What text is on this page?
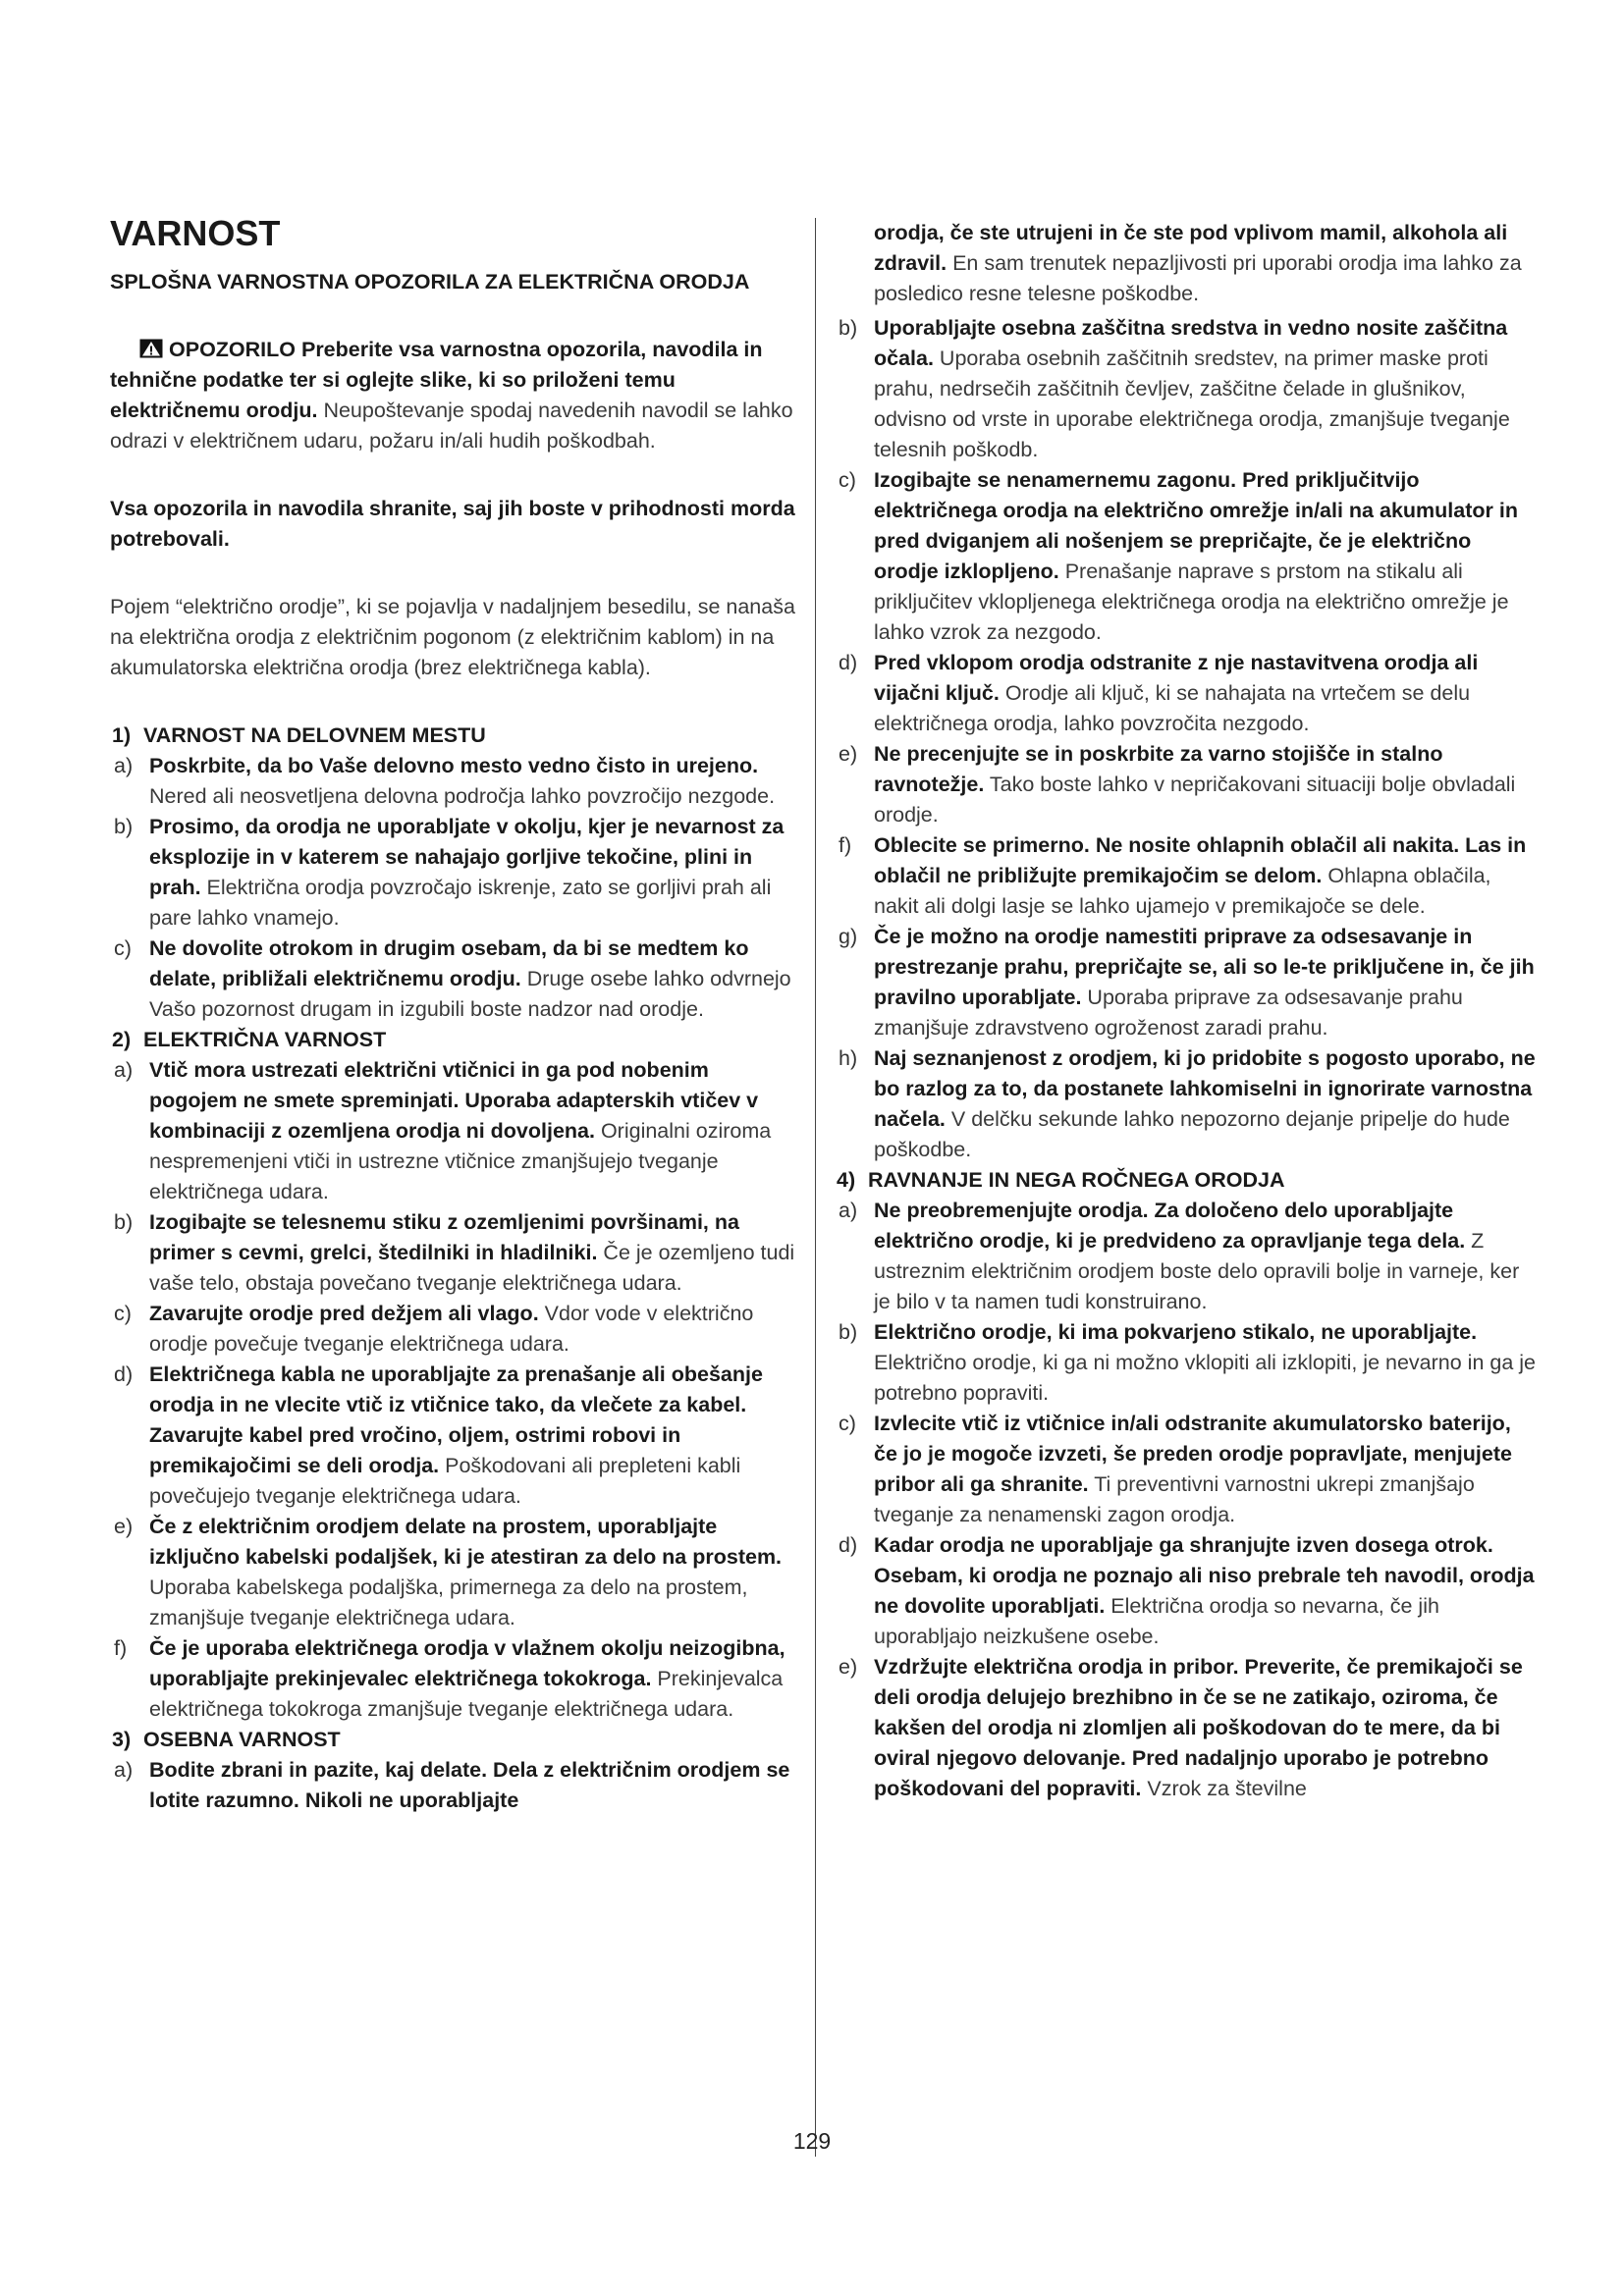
VARNOST
SPLOŠNA VARNOSTNA OPOZORILA ZA ELEKTRIČNA ORODJA
OPOZORILO Preberite vsa varnostna opozorila, navodila in tehnične podatke ter si oglejte slike, ki so priloženi temu električnemu orodju. Neupoštevanje spodaj navedenih navodil se lahko odrazi v električnem udaru, požaru in/ali hudih poškodbah.
Vsa opozorila in navodila shranite, saj jih boste v prihodnosti morda potrebovali.
Pojem “električno orodje”, ki se pojavlja v nadaljnjem besedilu, se nanaša na električna orodja z električnim pogonom (z električnim kablom) in na akumulatorska električna orodja (brez električnega kabla).
1) VARNOST NA DELOVNEM MESTU
a) Poskrbite, da bo Vaše delovno mesto vedno čisto in urejeno. Nered ali neosvetljena delovna področja lahko povzročijo nezgode.
b) Prosimo, da orodja ne uporabljate v okolju, kjer je nevarnost za eksplozije in v katerem se nahajajo gorljive tekočine, plini in prah. Električna orodja povzročajo iskrenje, zato se gorljivi prah ali pare lahko vnamejo.
c) Ne dovolite otrokom in drugim osebam, da bi se medtem ko delate, približali električnemu orodju. Druge osebe lahko odvrnejo Vašo pozornost drugam in izgubili boste nadzor nad orodje.
2) ELEKTRIČNA VARNOST
a) Vtič mora ustrezati električni vtičnici in ga pod nobenim pogojem ne smete spreminjati. Uporaba adapterskih vtičev v kombinaciji z ozemljena orodja ni dovoljena. Originalni oziroma nespremenjeni vtiči in ustrezne vtičnice zmanjšujejo tveganje električnega udara.
b) Izogibajte se telesnemu stiku z ozemljenimi površinami, na primer s cevmi, grelci, štedilniki in hladilniki. Če je ozemljeno tudi vaše telo, obstaja povečano tveganje električnega udara.
c) Zavarujte orodje pred dežjem ali vlago. Vdor vode v električno orodje povečuje tveganje električnega udara.
d) Električnega kabla ne uporabljajte za prenašanje ali obešanje orodja in ne vlecite vtič iz vtičnice tako, da vlečete za kabel. Zavarujte kabel pred vročino, oljem, ostrimi robovi in premikajočimi se deli orodja. Poškodovani ali prepleteni kabli povečujejo tveganje električnega udara.
e) Če z električnim orodjem delate na prostem, uporabljajte izključno kabelski podaljšek, ki je atestiran za delo na prostem. Uporaba kabelskega podaljška, primernega za delo na prostem, zmanjšuje tveganje električnega udara.
f) Če je uporaba električnega orodja v vlažnem okolju neizogibna, uporabljajte prekinjevalec električnega tokokroga. Prekinjevalca električnega tokokroga zmanjšuje tveganje električnega udara.
3) OSEBNA VARNOST
a) Bodite zbrani in pazite, kaj delate. Dela z električnim orodjem se lotite razumno. Nikoli ne uporabljajte
orodja, če ste utrujeni in če ste pod vplivom mamil, alkohola ali zdravil. En sam trenutek nepazljivosti pri uporabi orodja ima lahko za posledico resne telesne poškodbe.
b) Uporabljajte osebna zaščitna sredstva in vedno nosite zaščitna očala. Uporaba osebnih zaščitnih sredstev, na primer maske proti prahu, nedrsečih zaščitnih čevljev, zaščitne čelade in glušnikov, odvisno od vrste in uporabe električnega orodja, zmanjšuje tveganje telesnih poškodb.
c) Izogibajte se nenamernemu zagonu. Pred priključitvijo električnega orodja na električno omrežje in/ali na akumulator in pred dviganjem ali nošenjem se prepričajte, če je električno orodje izklopljeno. Prenašanje naprave s prstom na stikalu ali priključitev vklopljenega električnega orodja na električno omrežje je lahko vzrok za nezgodo.
d) Pred vklopom orodja odstranite z nje nastavitvena orodja ali vijačni ključ. Orodje ali ključ, ki se nahajata na vrtečem se delu električnega orodja, lahko povzročita nezgodo.
e) Ne precenjujte se in poskrbite za varno stojišče in stalno ravnotežje. Tako boste lahko v nepričakovani situaciji bolje obvladali orodje.
f) Oblecite se primerno. Ne nosite ohlapnih oblačil ali nakita. Las in oblačil ne približujte premikajočim se delom. Ohlapna oblačila, nakit ali dolgi lasje se lahko ujamejo v premikajoče se dele.
g) Če je možno na orodje namestiti priprave za odsesavanje in prestrezanje prahu, prepričajte se, ali so le-te priključene in, če jih pravilno uporabljate. Uporaba priprave za odsesavanje prahu zmanjšuje zdravstveno ogroženost zaradi prahu.
h) Naj seznanjenost z orodjem, ki jo pridobite s pogosto uporabo, ne bo razlog za to, da postanete lahkomiselni in ignorirate varnostna načela. V delčku sekunde lahko nepozorno dejanje pripelje do hude poškodbe.
4) RAVNANJE IN NEGA ROČNEGA ORODJA
a) Ne preobremenjujte orodja. Za določeno delo uporabljajte električno orodje, ki je predvideno za opravljanje tega dela. Z ustreznim električnim orodjem boste delo opravili bolje in varneje, ker je bilo v ta namen tudi konstruirano.
b) Električno orodje, ki ima pokvarjeno stikalo, ne uporabljajte. Električno orodje, ki ga ni možno vklopiti ali izklopiti, je nevarno in ga je potrebno popraviti.
c) Izvlecite vtič iz vtičnice in/ali odstranite akumulatorsko baterijo, če jo je mogoče izvzeti, še preden orodje popravljate, menjujete pribor ali ga shranite. Ti preventivni varnostni ukrepi zmanjšajo tveganje za nenamenski zagon orodja.
d) Kadar orodja ne uporabljaje ga shranjujte izven dosega otrok. Osebam, ki orodja ne poznajo ali niso prebrale teh navodil, orodja ne dovolite uporabljati. Električna orodja so nevarna, če jih uporabljajo neizkušene osebe.
e) Vzdržujte električna orodja in pribor. Preverite, če premikajoči se deli orodja delujejo brezhibno in če se ne zatikajo, oziroma, če kakšen del orodja ni zlomljen ali poškodovan do te mere, da bi oviral njegovo delovanje. Pred nadaljnjo uporabo je potrebno poškodovani del popraviti. Vzrok za številne
129
